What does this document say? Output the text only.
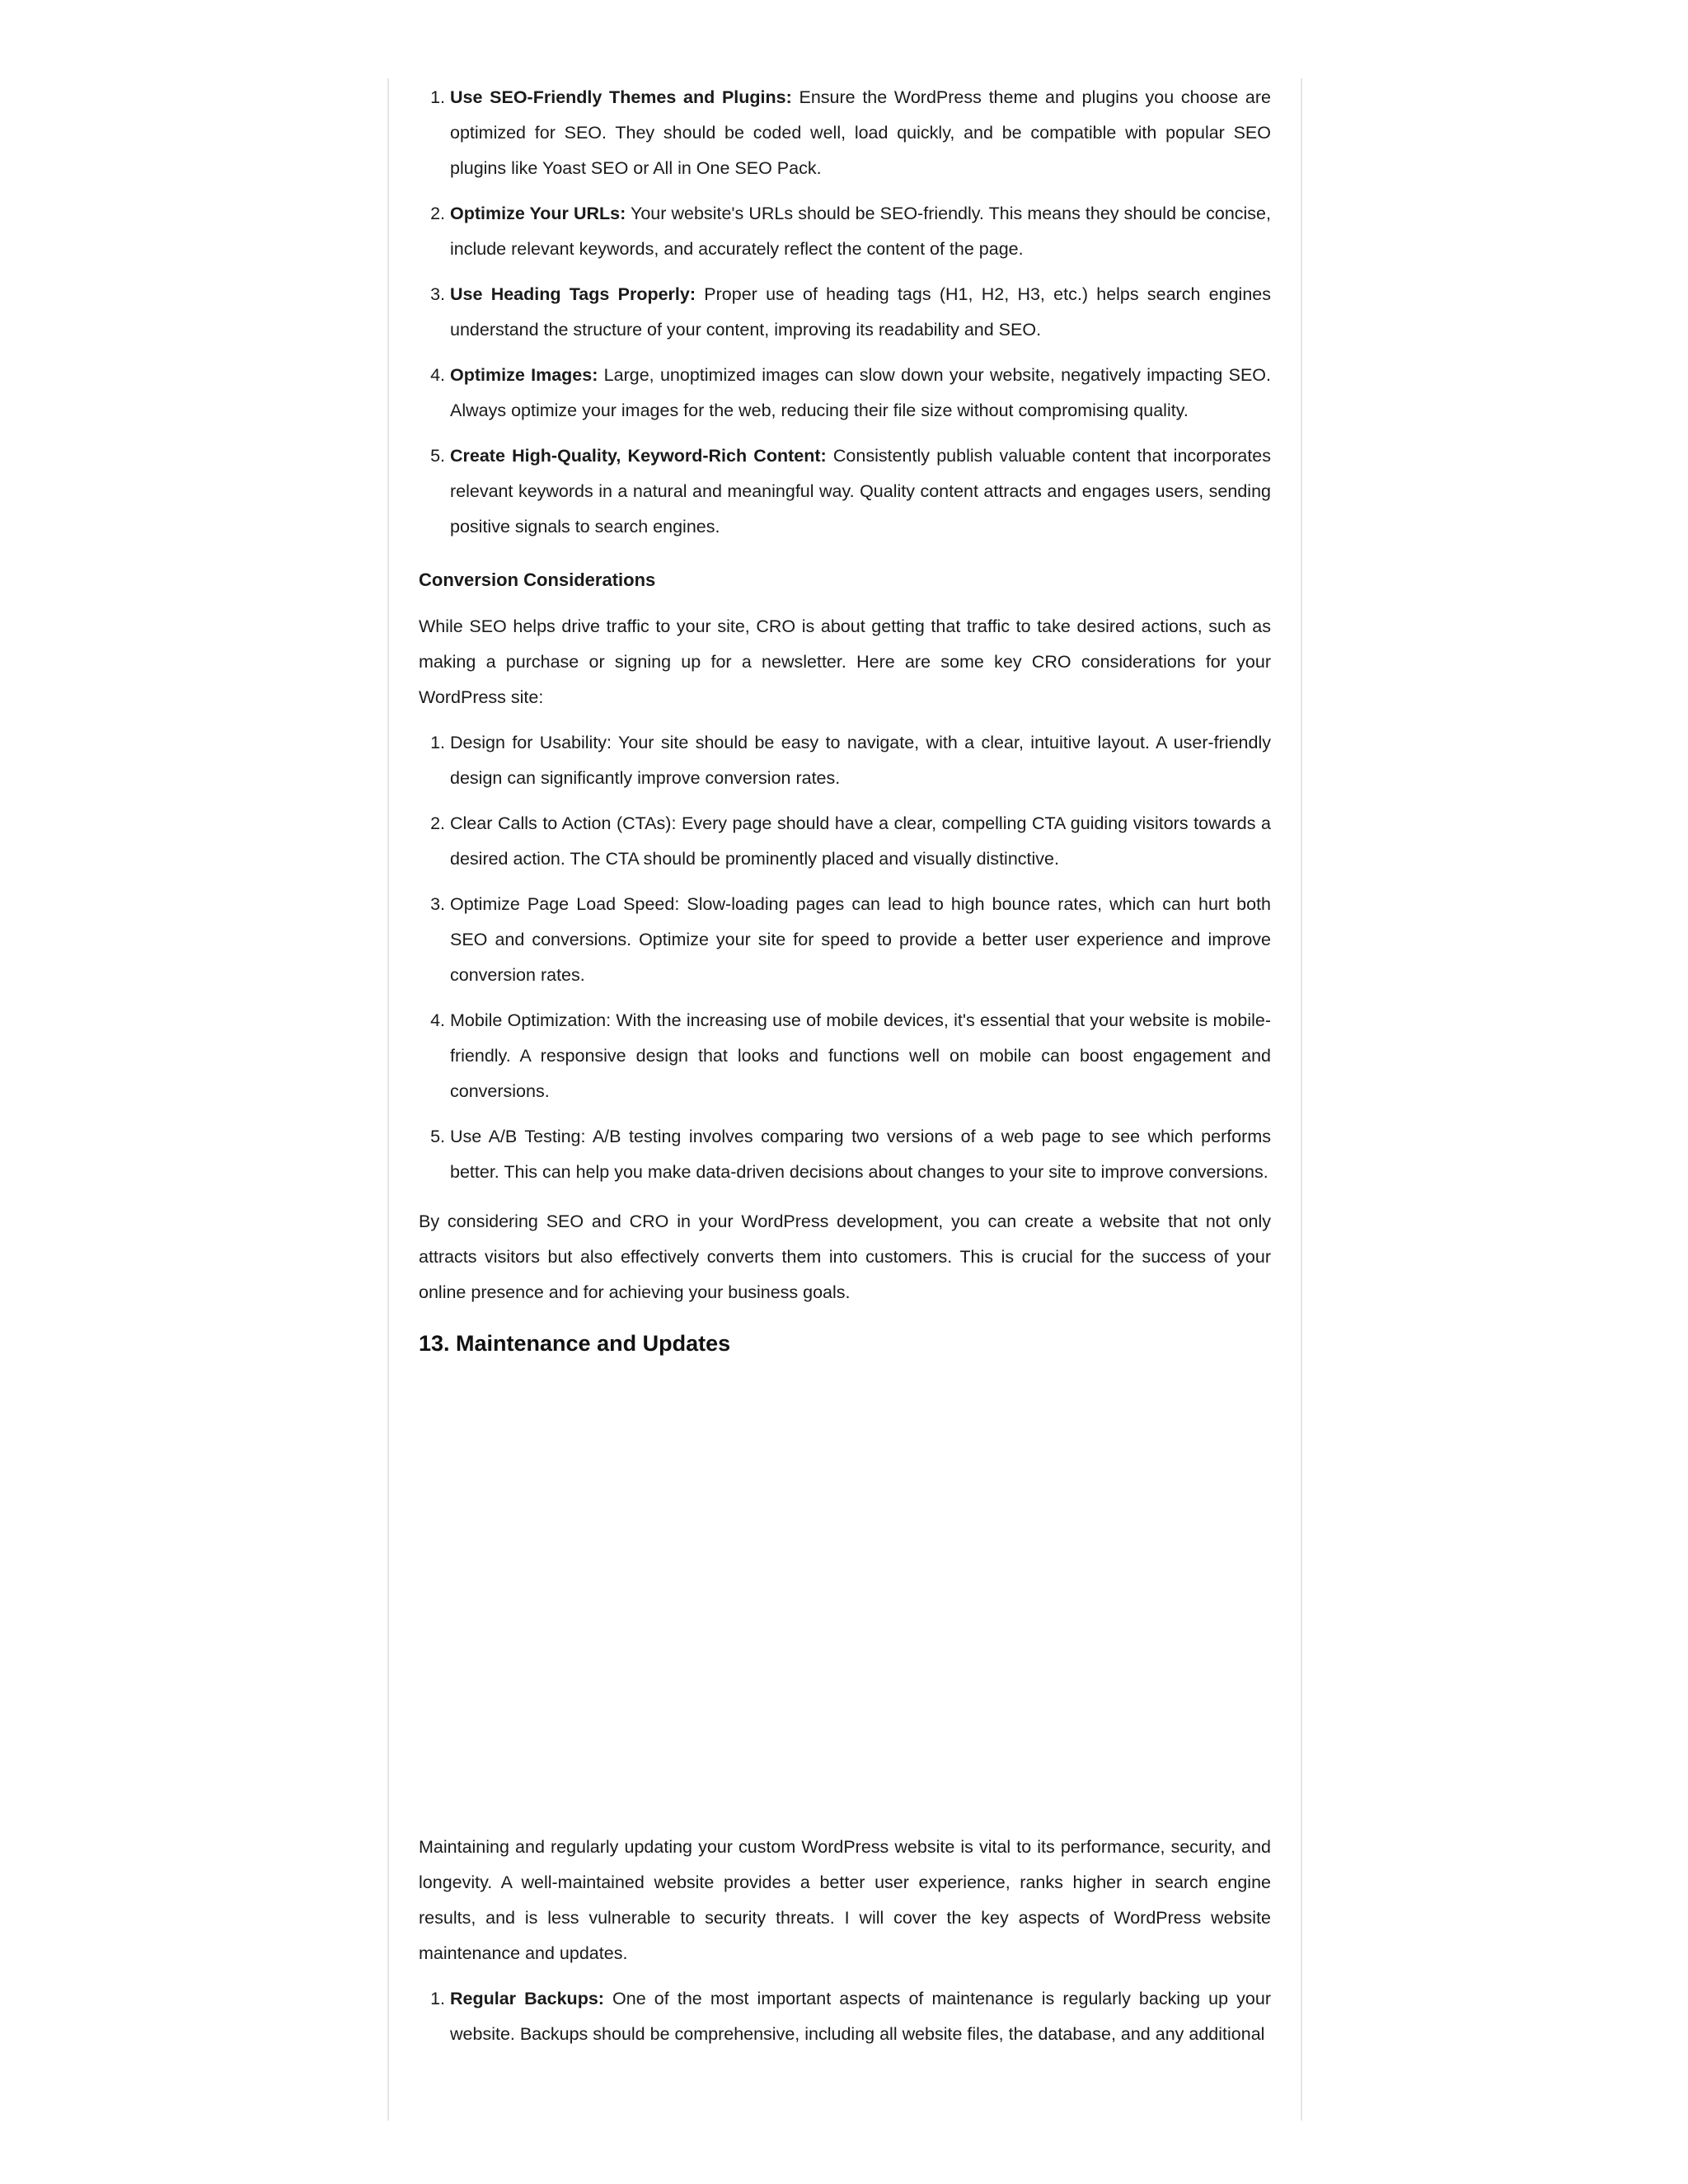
1. Use SEO-Friendly Themes and Plugins: Ensure the WordPress theme and plugins you choose are optimized for SEO. They should be coded well, load quickly, and be compatible with popular SEO plugins like Yoast SEO or All in One SEO Pack.
2. Optimize Your URLs: Your website's URLs should be SEO-friendly. This means they should be concise, include relevant keywords, and accurately reflect the content of the page.
3. Use Heading Tags Properly: Proper use of heading tags (H1, H2, H3, etc.) helps search engines understand the structure of your content, improving its readability and SEO.
4. Optimize Images: Large, unoptimized images can slow down your website, negatively impacting SEO. Always optimize your images for the web, reducing their file size without compromising quality.
5. Create High-Quality, Keyword-Rich Content: Consistently publish valuable content that incorporates relevant keywords in a natural and meaningful way. Quality content attracts and engages users, sending positive signals to search engines.
Conversion Considerations

While SEO helps drive traffic to your site, CRO is about getting that traffic to take desired actions, such as making a purchase or signing up for a newsletter. Here are some key CRO considerations for your WordPress site:

1. Design for Usability: Your site should be easy to navigate, with a clear, intuitive layout. A user-friendly design can significantly improve conversion rates.
2. Clear Calls to Action (CTAs): Every page should have a clear, compelling CTA guiding visitors towards a desired action. The CTA should be prominently placed and visually distinctive.
3. Optimize Page Load Speed: Slow-loading pages can lead to high bounce rates, which can hurt both SEO and conversions. Optimize your site for speed to provide a better user experience and improve conversion rates.
4. Mobile Optimization: With the increasing use of mobile devices, it's essential that your website is mobile-friendly. A responsive design that looks and functions well on mobile can boost engagement and conversions.
5. Use A/B Testing: A/B testing involves comparing two versions of a web page to see which performs better. This can help you make data-driven decisions about changes to your site to improve conversions.

By considering SEO and CRO in your WordPress development, you can create a website that not only attracts visitors but also effectively converts them into customers. This is crucial for the success of your online presence and for achieving your business goals.

13. Maintenance and Updates

Maintaining and regularly updating your custom WordPress website is vital to its performance, security, and longevity. A well-maintained website provides a better user experience, ranks higher in search engine results, and is less vulnerable to security threats. I will cover the key aspects of WordPress website maintenance and updates.

1. Regular Backups: One of the most important aspects of maintenance is regularly backing up your website. Backups should be comprehensive, including all website files, the database, and any additional
